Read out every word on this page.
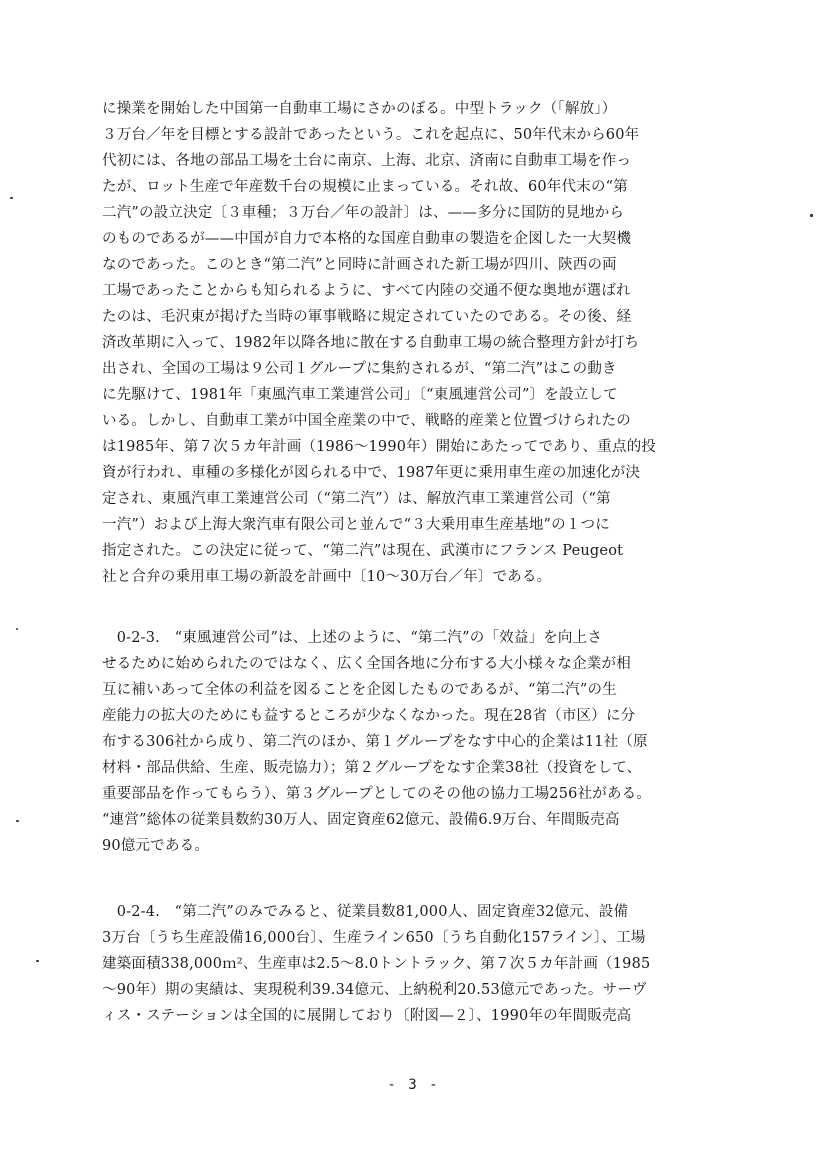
に操業を開始した中国第一自動車工場にさかのぼる。中型トラック（「解放」）
３万台／年を目標とする設計であったという。これを起点に、50年代末から60年
代初には、各地の部品工場を土台に南京、上海、北京、済南に自動車工場を作っ
たが、ロット生産で年産数千台の規模に止まっている。それ故、60年代末の“第
二汽”の設立決定〔３車種；３万台／年の設計〕は、——多分に国防的見地から
のものであるが——中国が自力で本格的な国産自動車の製造を企図した一大契機
なのであった。このとき“第二汽”と同時に計画された新工場が四川、陝西の両
工場であったことからも知られるように、すべて内陸の交通不便な奥地が選ばれ
たのは、毛沢東が掲げた当時の軍事戦略に規定されていたのである。その後、経
済改革期に入って、1982年以降各地に散在する自動車工場の統合整理方針が打ち
出され、全国の工場は９公司１グループに集約されるが、“第二汽”はこの動き
に先駆けて、1981年「東風汽車工業連営公司」〔“東風連営公司”〕を設立して
いる。しかし、自動車工業が中国全産業の中で、戦略的産業と位置づけられたの
は1985年、第７次５カ年計画（1986～1990年）開始にあたってであり、重点的投
資が行われ、車種の多様化が図られる中で、1987年更に乗用車生産の加速化が決
定され、東風汽車工業連営公司（“第二汽”）は、解放汽車工業連営公司（“第
一汽”）および上海大衆汽車有限公司と並んで“３大乗用車生産基地”の１つに
指定された。この決定に従って、“第二汽”は現在、武漢市にフランス Peugeot
社と合弁の乗用車工場の新設を計画中〔10～30万台／年〕である。
　0-2-3.　“東風連営公司”は、上述のように、“第二汽”の「效益」を向上さ
せるために始められたのではなく、広く全国各地に分布する大小様々な企業が相
互に補いあって全体の利益を図ることを企図したものであるが、“第二汽”の生
産能力の拡大のためにも益するところが少なくなかった。現在28省（市区）に分
布する306社から成り、第二汽のほか、第１グループをなす中心的企業は11社（原
材料・部品供給、生産、販売協力）；第２グループをなす企業38社（投資をして、
重要部品を作ってもらう）、第３グループとしてのその他の協力工場256社がある。
“連営”総体の従業員数約30万人、固定資産62億元、設備6.9万台、年間販売高
90億元である。
　0-2-4.　“第二汽”のみでみると、従業員数81,000人、固定資産32億元、設備
3万台〔うち生産設備16,000台〕、生産ライン650〔うち自動化157ライン〕、工場
建築面積338,000ｍ²、生産車は2.5～8.0トントラック、第７次５カ年計画（1985
～90年）期の実績は、実現税利39.34億元、上納税利20.53億元であった。サーヴ
ィス・ステーションは全国的に展開しており〔附図—２〕、1990年の年間販売高
- 3 -
